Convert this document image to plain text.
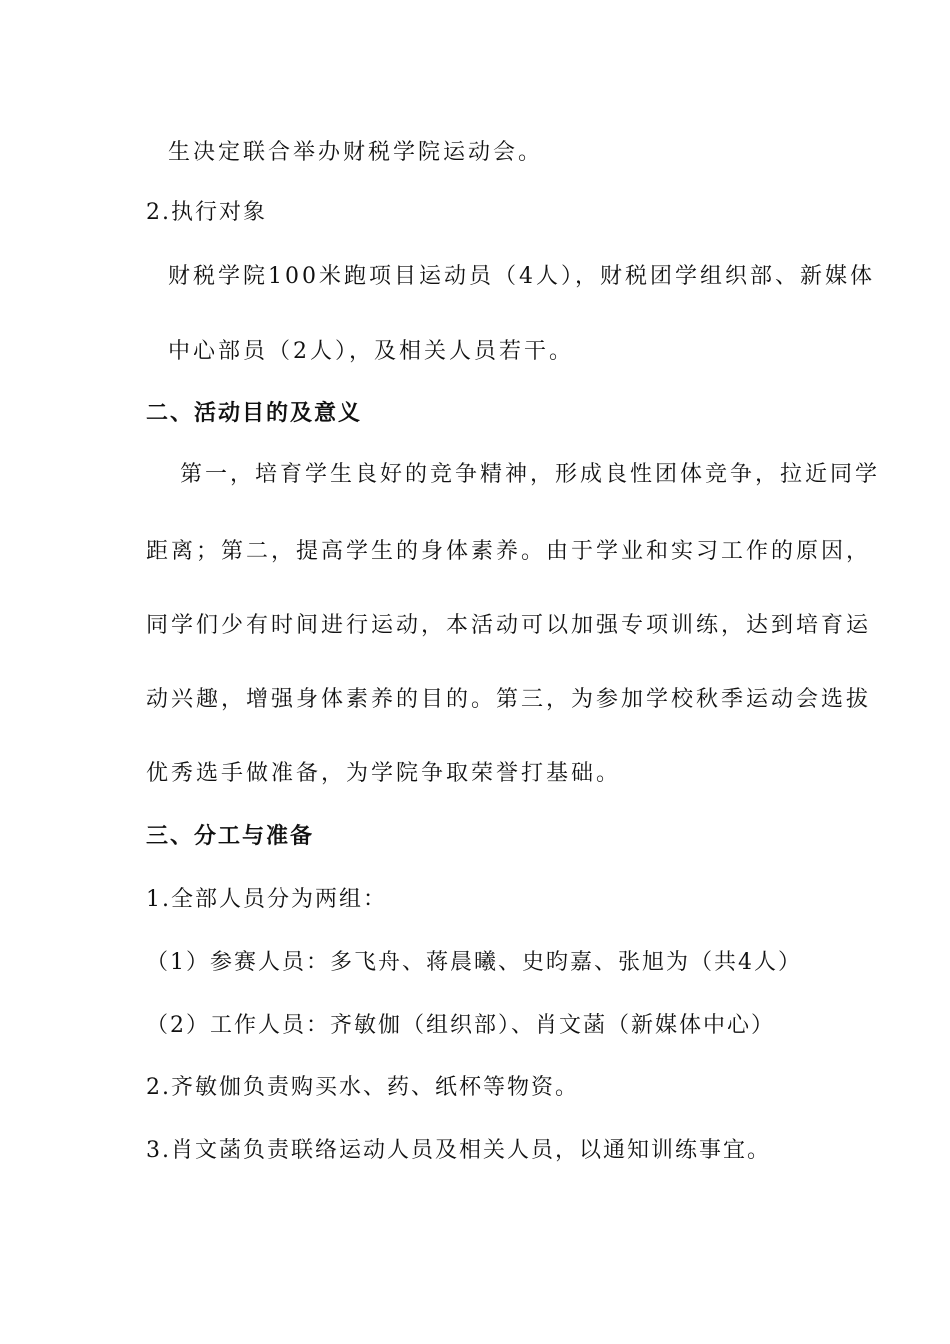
生决定联合举办财税学院运动会。
2.执行对象
财税学院100米跑项目运动员（4人），财税团学组织部、新媒体
中心部员（2人），及相关人员若干。
二、活动目的及意义
第一，培育学生良好的竞争精神，形成良性团体竞争，拉近同学
距离；第二，提高学生的身体素养。由于学业和实习工作的原因，
同学们少有时间进行运动，本活动可以加强专项训练，达到培育运
动兴趣，增强身体素养的目的。第三，为参加学校秋季运动会选拔
优秀选手做准备，为学院争取荣誉打基础。
三、分工与准备
1.全部人员分为两组：
（1）参赛人员：多飞舟、蒋晨曦、史昀嘉、张旭为（共4人）
（2）工作人员：齐敏伽（组织部）、肖文菡（新媒体中心）
2.齐敏伽负责购买水、药、纸杯等物资。
3.肖文菡负责联络运动人员及相关人员，以通知训练事宜。
